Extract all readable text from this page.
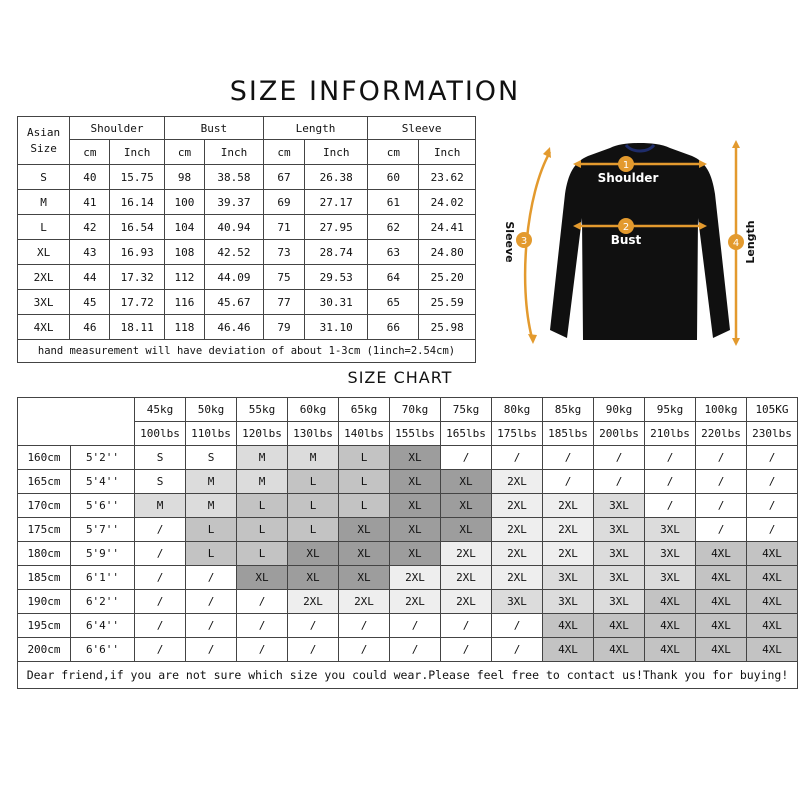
SIZE INFORMATION
Asian Size	Shoulder		Bust		Length		Sleeve	
	cm	Inch	cm	Inch	cm	Inch	cm	Inch
S	40	15.75	98	38.58	67	26.38	60	23.62
M	41	16.14	100	39.37	69	27.17	61	24.02
L	42	16.54	104	40.94	71	27.95	62	24.41
XL	43	16.93	108	42.52	73	28.74	63	24.80
2XL	44	17.32	112	44.09	75	29.53	64	25.20
3XL	45	17.72	116	45.67	77	30.31	65	25.59
4XL	46	18.11	118	46.46	79	31.10	66	25.98
hand measurement will have deviation of about 1-3cm (1inch=2.54cm)								
1
Shoulder
2
Bust
3
Sleeve	4 Length
SIZE CHART
		45kg	50kg	55kg	60kg	65kg	70kg	75kg	80kg	85kg	90kg	95kg	100kg	105KG
		100lbs	110lbs	120lbs	130lbs	140lbs	155lbs	165lbs	175lbs	185lbs	200lbs	210lbs	220lbs	230lbs
160cm	5'2''	S	S	M	M	L	XL	/	/	/	/	/	/	/
165cm	5'4''	S	M	M	L	L	XL	XL	2XL	/	/	/	/	/
170cm	5'6''	M	M	L	L	L	XL	XL	2XL	2XL	3XL	/	/	/
175cm	5'7''	/	L	L	L	XL	XL	XL	2XL	2XL	3XL	3XL	/	/
180cm	5'9''	/	L	L	XL	XL	XL	2XL	2XL	2XL	3XL	3XL	4XL	4XL
185cm	6'1''	/	/	XL	XL	XL	2XL	2XL	2XL	3XL	3XL	3XL	4XL	4XL
190cm	6'2''	/	/	/	2XL	2XL	2XL	2XL	3XL	3XL	3XL	4XL	4XL	4XL
195cm	6'4''	/	/	/	/	/	/	/	/	4XL	4XL	4XL	4XL	4XL
200cm	6'6''	/	/	/	/	/	/	/	/	4XL	4XL	4XL	4XL	4XL
Dear friend,if you are not sure which size you could wear.Please feel free to contact us!Thank you for buying!														
